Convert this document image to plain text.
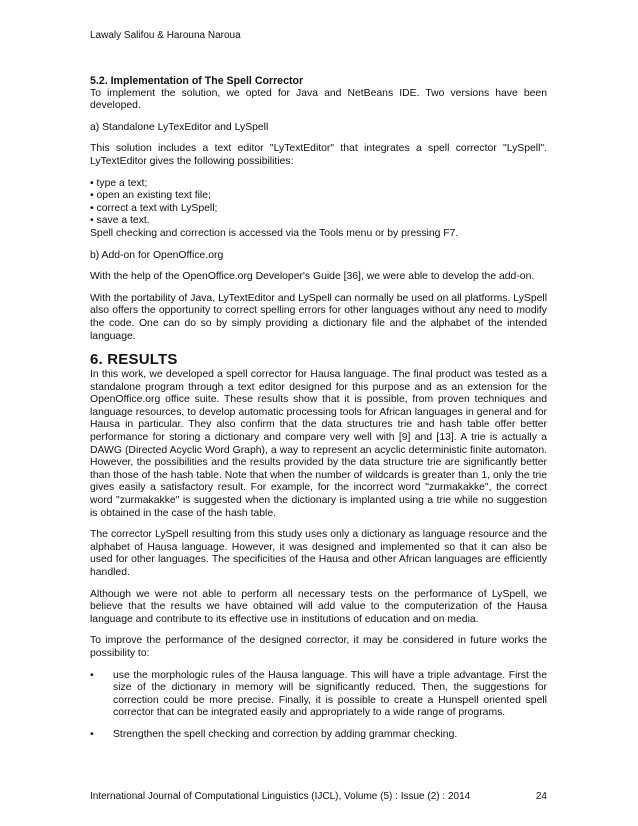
Lawaly Salifou & Harouna Naroua
5.2. Implementation of The Spell Corrector

To implement the solution, we opted for Java and NetBeans IDE. Two versions have been developed.

a) Standalone LyTexEditor and LySpell

This solution includes a text editor "LyTextEditor" that integrates a spell corrector "LySpell". LyTextEditor gives the following possibilities:

• type a text;
• open an existing text file;
• correct a text with LySpell;
• save a text.

Spell checking and correction is accessed via the Tools menu or by pressing F7.

b) Add-on for OpenOffice.org

With the help of the OpenOffice.org Developer's Guide [36], we were able to develop the add-on.

With the portability of Java, LyTextEditor and LySpell can normally be used on all platforms. LySpell also offers the opportunity to correct spelling errors for other languages without any need to modify the code. One can do so by simply providing a dictionary file and the alphabet of the intended language.

6. RESULTS

In this work, we developed a spell corrector for Hausa language. The final product was tested as a standalone program through a text editor designed for this purpose and as an extension for the OpenOffice.org office suite. These results show that it is possible, from proven techniques and language resources, to develop automatic processing tools for African languages in general and for Hausa in particular. They also confirm that the data structures trie and hash table offer better performance for storing a dictionary and compare very well with [9] and [13]. A trie is actually a DAWG (Directed Acyclic Word Graph), a way to represent an acyclic deterministic finite automaton. However, the possibilities and the results provided by the data structure trie are significantly better than those of the hash table. Note that when the number of wildcards is greater than 1, only the trie gives easily a satisfactory result. For example, for the incorrect word "zurmakakke", the correct word "zurmakakke" is suggested when the dictionary is implanted using a trie while no suggestion is obtained in the case of the hash table.

The corrector LySpell resulting from this study uses only a dictionary as language resource and the alphabet of Hausa language. However, it was designed and implemented so that it can also be used for other languages. The specificities of the Hausa and other African languages are efficiently handled.

Although we were not able to perform all necessary tests on the performance of LySpell, we believe that the results we have obtained will add value to the computerization of the Hausa language and contribute to its effective use in institutions of education and on media.

To improve the performance of the designed corrector, it may be considered in future works the possibility to:

•	use the morphologic rules of the Hausa language. This will have a triple advantage. First the size of the dictionary in memory will be significantly reduced. Then, the suggestions for correction could be more precise. Finally, it is possible to create a Hunspell oriented spell corrector that can be integrated easily and appropriately to a wide range of programs.
•	Strengthen the spell checking and correction by adding grammar checking.
International Journal of Computational Linguistics (IJCL), Volume (5) : Issue (2) : 2014	24
